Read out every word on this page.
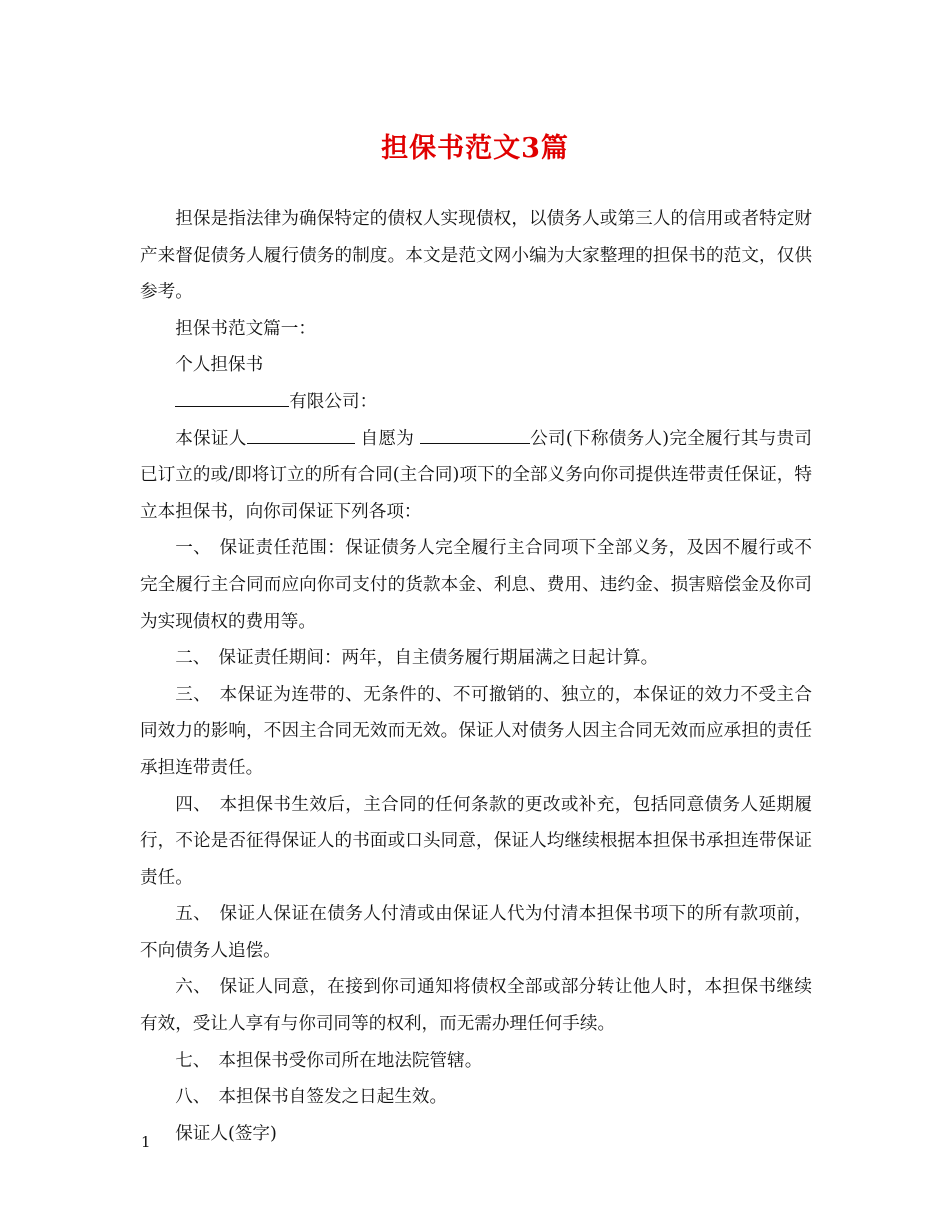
担保书范文3篇

担保是指法律为确保特定的债权人实现债权，以债务人或第三人的信用或者特定财产来督促债务人履行债务的制度。本文是范文网小编为大家整理的担保书的范文，仅供参考。

担保书范文篇一：

个人担保书

有限公司：

本保证人	自愿为	公司(下称债务人)完全履行其与贵司已订立的或/即将订立的所有合同(主合同)项下的全部义务向你司提供连带责任保证，特立本担保书，向你司保证下列各项：

一、 保证责任范围：保证债务人完全履行主合同项下全部义务，及因不履行或不完全履行主合同而应向你司支付的货款本金、利息、费用、违约金、损害赔偿金及你司为实现债权的费用等。

二、 保证责任期间：两年，自主债务履行期届满之日起计算。

三、 本保证为连带的、无条件的、不可撤销的、独立的，本保证的效力不受主合同效力的影响，不因主合同无效而无效。保证人对债务人因主合同无效而应承担的责任承担连带责任。

四、 本担保书生效后，主合同的任何条款的更改或补充，包括同意债务人延期履行，不论是否征得保证人的书面或口头同意，保证人均继续根据本担保书承担连带保证责任。

五、 保证人保证在债务人付清或由保证人代为付清本担保书项下的所有款项前，不向债务人追偿。

六、 保证人同意，在接到你司通知将债权全部或部分转让他人时，本担保书继续有效，受让人享有与你司同等的权利，而无需办理任何手续。

七、 本担保书受你司所在地法院管辖。

八、 本担保书自签发之日起生效。

保证人(签字)

1
